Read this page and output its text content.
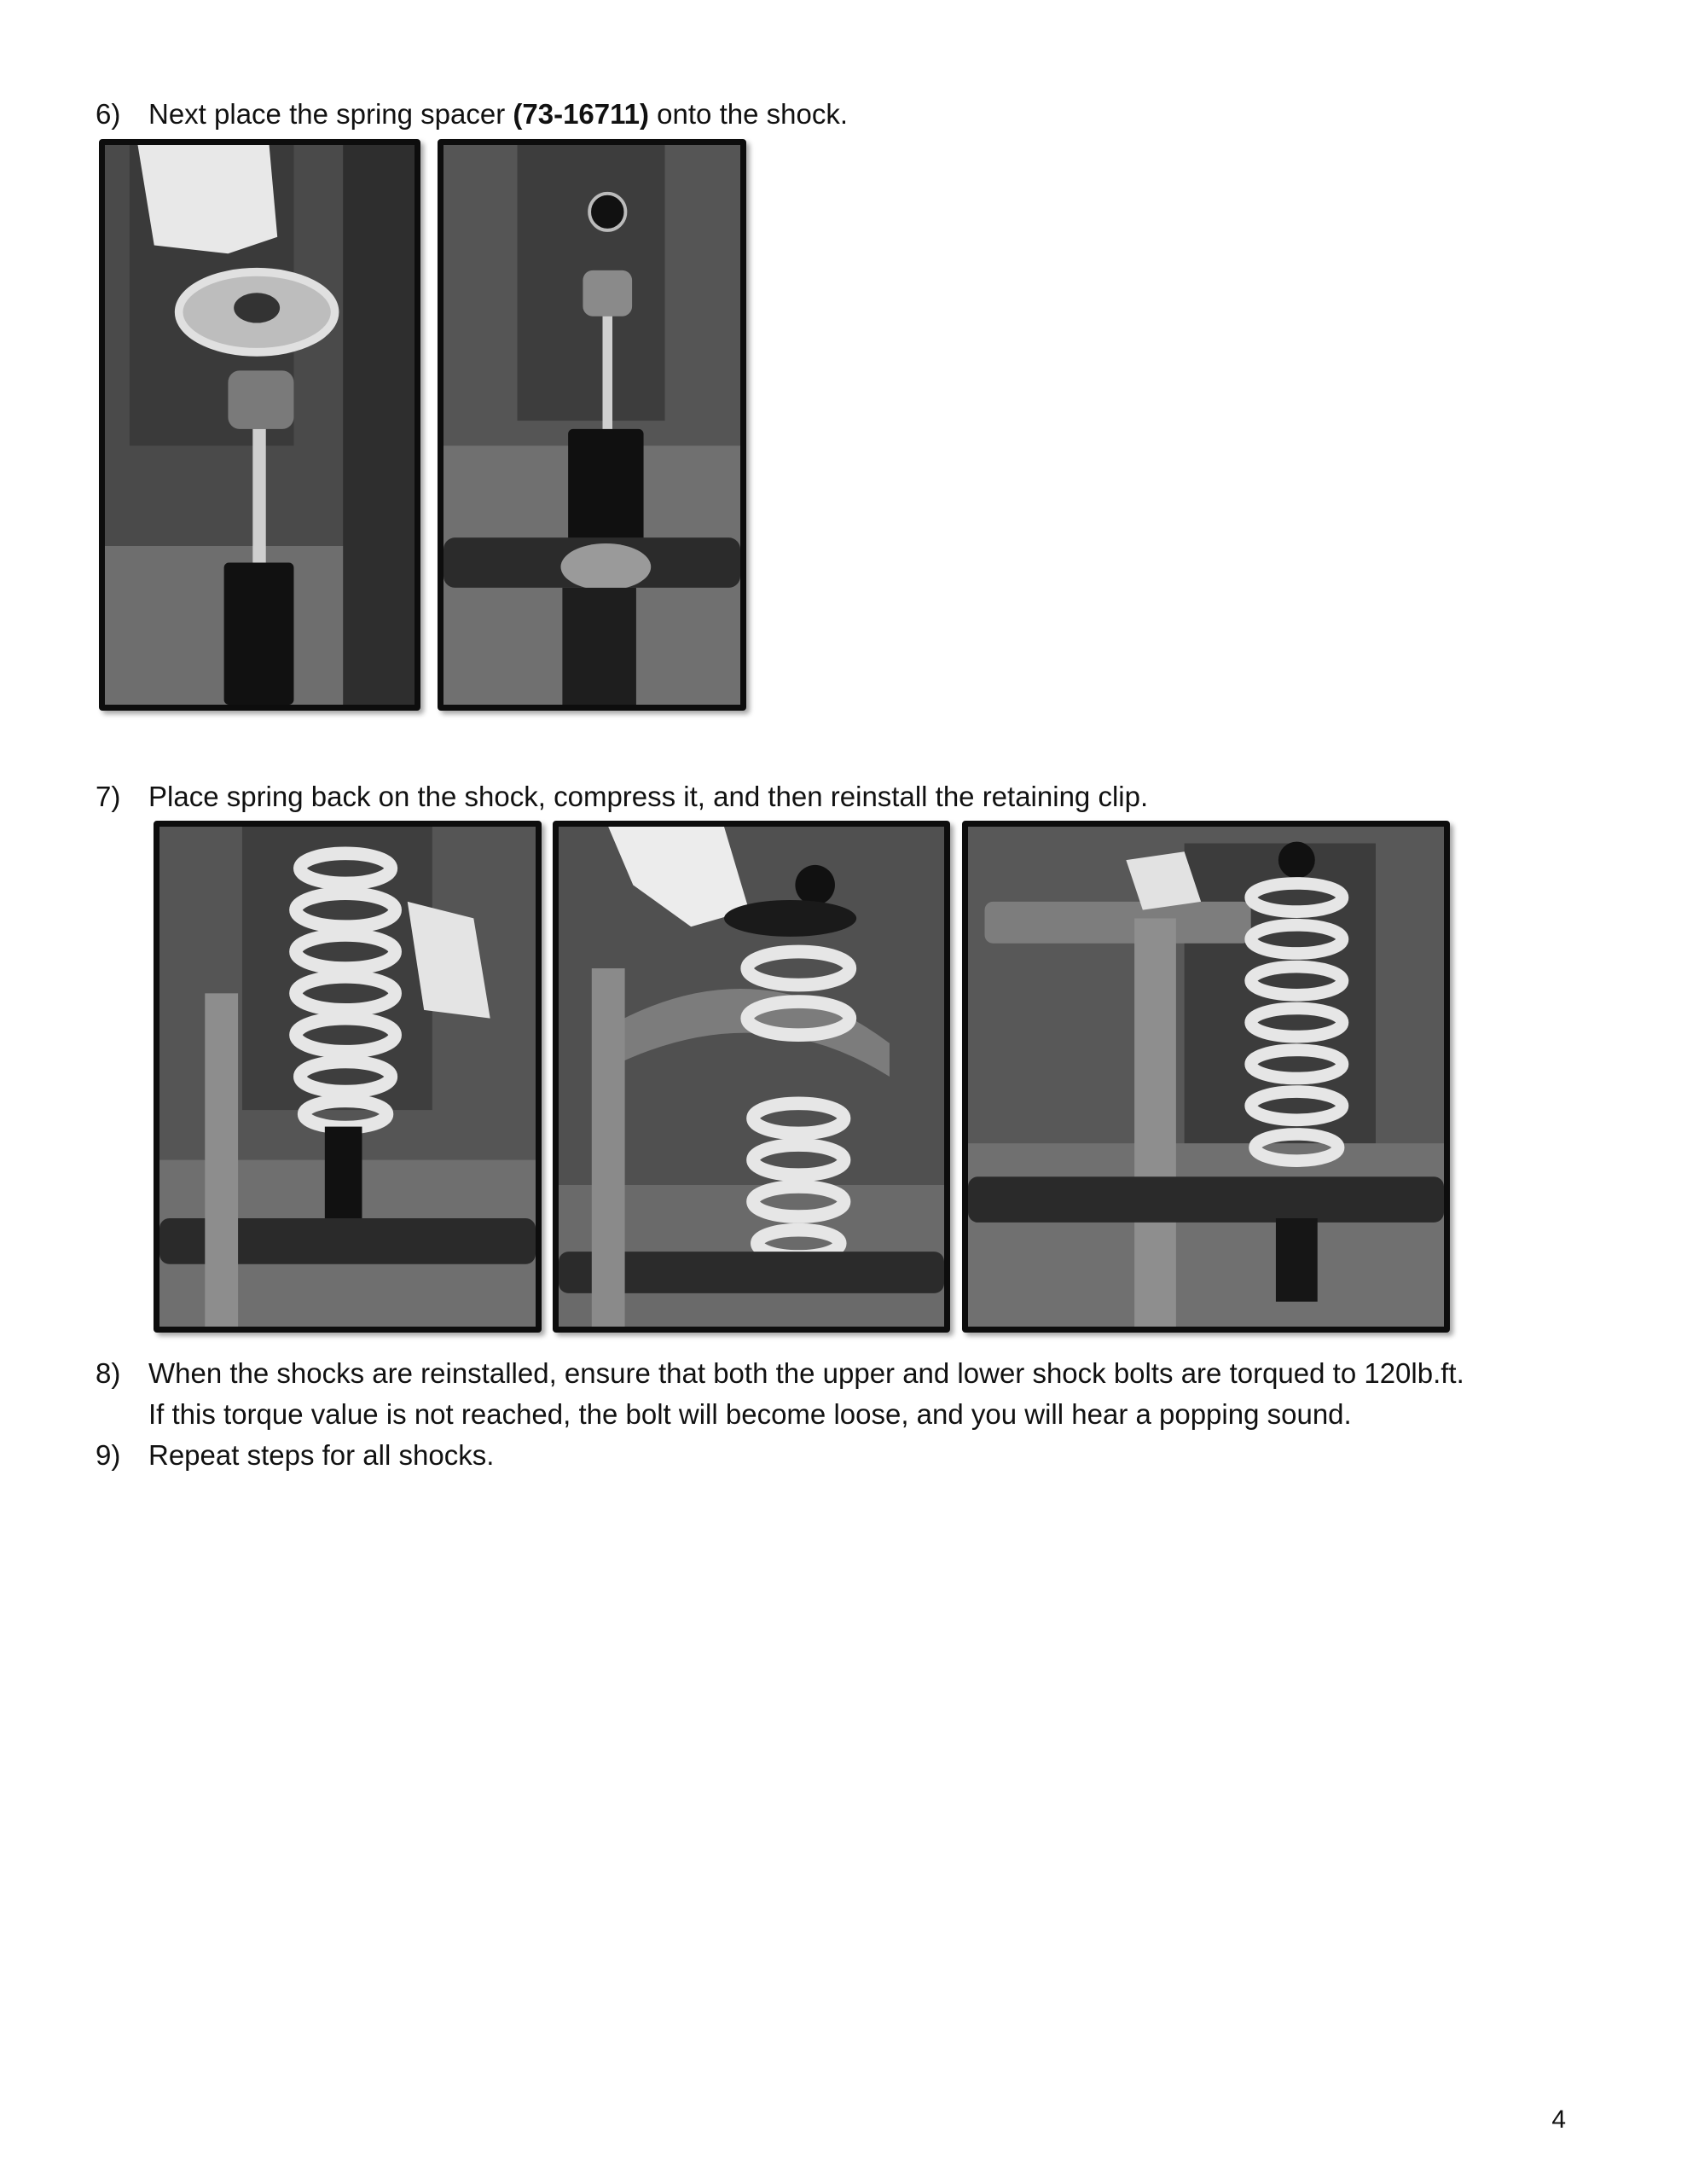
6) Next place the spring spacer (73-16711) onto the shock.
7) Place spring back on the shock, compress it, and then reinstall the retaining clip.
8) When the shocks are reinstalled, ensure that both the upper and lower shock bolts are torqued to 120lb.ft.
If this torque value is not reached, the bolt will become loose, and you will hear a popping sound.
9) Repeat steps for all shocks.
4
